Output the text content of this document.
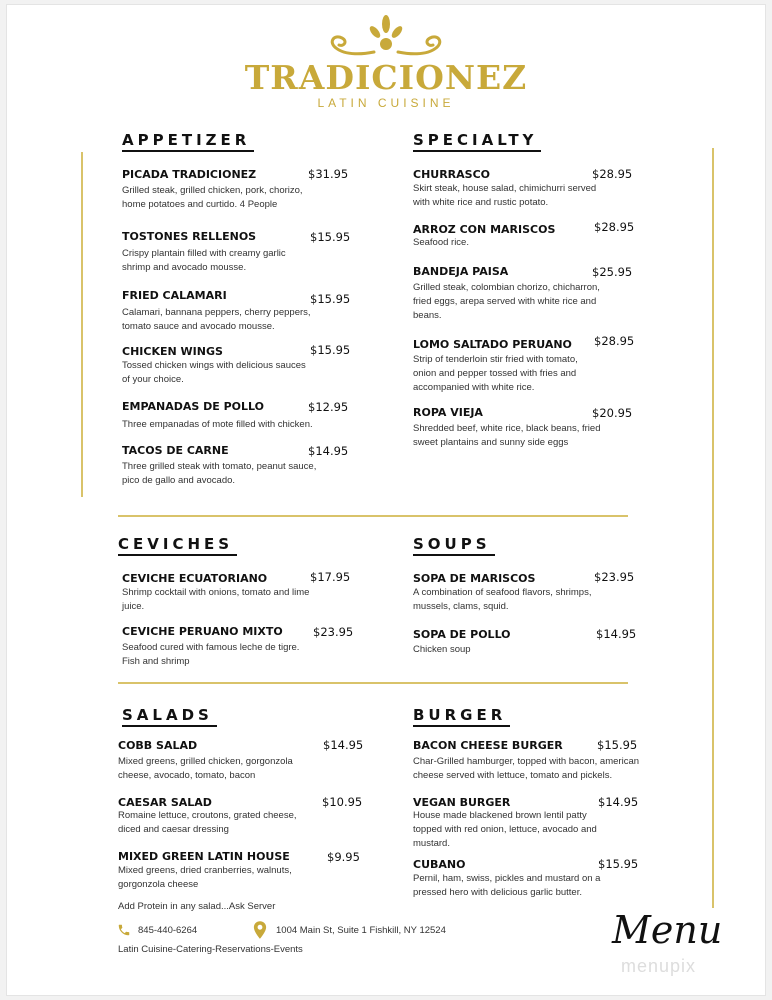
TRADICIONEZ
LATIN CUISINE
APPETIZER	SPECIALTY
CEVICHES	SOUPS
SALADS	BURGER
PICADA TRADICIONEZ	$31.95
Grilled steak, grilled chicken, pork, chorizo,
home potatoes and curtido. 4 People
TOSTONES RELLENOS	$15.95
Crispy plantain filled with creamy garlic
shrimp and avocado mousse.
FRIED CALAMARI	$15.95
Calamari, bannana peppers, cherry peppers,
tomato sauce and avocado mousse.
CHICKEN WINGS	$15.95
Tossed chicken wings with delicious sauces
of your choice.
EMPANADAS DE POLLO	$12.95
Three empanadas of mote filled with chicken.
TACOS DE CARNE	$14.95
Three grilled steak with tomato, peanut sauce,
pico de gallo and avocado.
CHURRASCO	$28.95
Skirt steak, house salad, chimichurri served
with white rice and rustic potato.
ARROZ CON MARISCOS	$28.95
Seafood rice.
BANDEJA PAISA	$25.95
Grilled steak, colombian chorizo, chicharron,
fried eggs, arepa served with white rice and
beans.
LOMO SALTADO PERUANO $28.95
Strip of tenderloin stir fried with tomato,
onion and pepper tossed with fries and
accompanied with white rice.
ROPA VIEJA	$20.95
Shredded beef, white rice, black beans, fried
sweet plantains and sunny side eggs
CEVICHE ECUATORIANO	$17.95
Shrimp cocktail with onions, tomato and lime
juice.
CEVICHE PERUANO MIXTO	$23.95
Seafood cured with famous leche de tigre.
Fish and shrimp
SOPA DE MARISCOS	$23.95
A combination of seafood flavors, shrimps,
mussels, clams, squid.
SOPA DE POLLO	$14.95
Chicken soup
COBB SALAD	$14.95
Mixed greens, grilled chicken, gorgonzola
cheese, avocado, tomato, bacon
CAESAR SALAD	$10.95
Romaine lettuce, croutons, grated cheese,
diced and caesar dressing
MIXED GREEN LATIN HOUSE	$9.95
Mixed greens, dried cranberries, walnuts,
gorgonzola cheese
Add Protein in any salad...Ask Server
BACON CHEESE BURGER	$15.95
Char-Grilled hamburger, topped with bacon, american
cheese served with lettuce, tomato and pickels.
VEGAN BURGER	$14.95
House made blackened brown lentil patty
topped with red onion, lettuce, avocado and
mustard.
CUBANO	$15.95
Pernil, ham, swiss, pickles and mustard on a
pressed hero with delicious garlic butter.
845-440-6264	1004 Main St, Suite 1 Fishkill, NY 12524
Latin Cuisine-Catering-Reservations-Events	Menu
menupix
